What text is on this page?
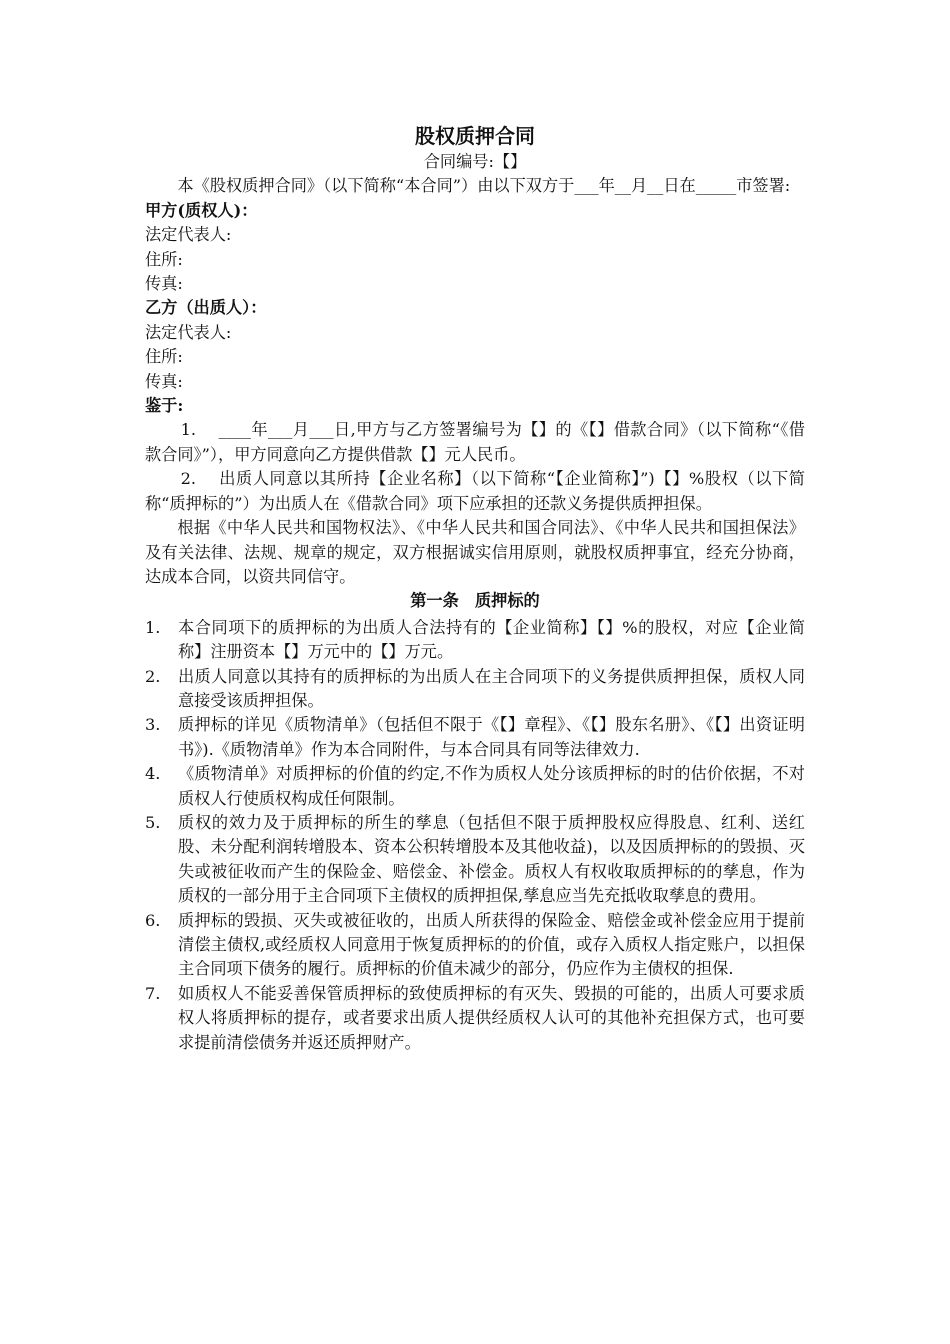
股权质押合同

合同编号:【】

本《股权质押合同》（以下简称“本合同”）由以下双方于___年__月__日在_____市签署:

甲方(质权人)：

法定代表人:

住所:

传真:

乙方（出质人）：

法定代表人:

住所:

传真:

鉴于:

1.　 ____年___月___日,甲方与乙方签署编号为【】的《【】借款合同》（以下简称“《借款合同》”），甲方同意向乙方提供借款【】元人民币。

2.　 出质人同意以其所持【企业名称】（以下简称“【企业简称】”)【】%股权（以下简称“质押标的”）为出质人在《借款合同》项下应承担的还款义务提供质押担保。

根据《中华人民共和国物权法》、《中华人民共和国合同法》、《中华人民共和国担保法》及有关法律、法规、规章的规定，双方根据诚实信用原则，就股权质押事宜，经充分协商，达成本合同，以资共同信守。

第一条　质押标的

1. 本合同项下的质押标的为出质人合法持有的【企业简称】【】%的股权，对应【企业简称】注册资本【】万元中的【】万元。
2. 出质人同意以其持有的质押标的为出质人在主合同项下的义务提供质押担保，质权人同意接受该质押担保。
3. 质押标的详见《质物清单》（包括但不限于《【】章程》、《【】股东名册》、《【】出资证明书》).《质物清单》作为本合同附件，与本合同具有同等法律效力.
4. 《质物清单》对质押标的价值的约定,不作为质权人处分该质押标的时的估价依据，不对质权人行使质权构成任何限制。
5. 质权的效力及于质押标的所生的孳息（包括但不限于质押股权应得股息、红利、送红股、未分配利润转增股本、资本公积转增股本及其他收益)，以及因质押标的的毁损、灭失或被征收而产生的保险金、赔偿金、补偿金。质权人有权收取质押标的的孳息，作为质权的一部分用于主合同项下主债权的质押担保,孳息应当先充抵收取孳息的费用。
6. 质押标的毁损、灭失或被征收的，出质人所获得的保险金、赔偿金或补偿金应用于提前清偿主债权,或经质权人同意用于恢复质押标的的价值，或存入质权人指定账户，以担保主合同项下债务的履行。质押标的价值未减少的部分，仍应作为主债权的担保.
7. 如质权人不能妥善保管质押标的致使质押标的有灭失、毁损的可能的，出质人可要求质权人将质押标的提存，或者要求出质人提供经质权人认可的其他补充担保方式，也可要求提前清偿债务并返还质押财产。
